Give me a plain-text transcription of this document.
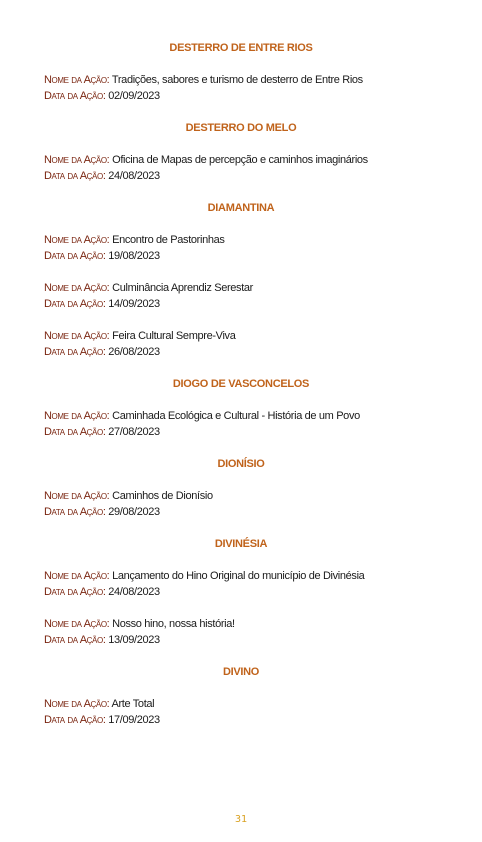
DESTERRO DE ENTRE RIOS
Nome da Ação: Tradições, sabores e turismo de desterro de Entre Rios
Data da Ação: 02/09/2023
DESTERRO DO MELO
Nome da Ação: Oficina de Mapas de percepção e caminhos imaginários
Data da Ação: 24/08/2023
DIAMANTINA
Nome da Ação: Encontro de Pastorinhas
Data da Ação: 19/08/2023
Nome da Ação: Culminância Aprendiz Serestar
Data da Ação: 14/09/2023
Nome da Ação: Feira Cultural Sempre-Viva
Data da Ação: 26/08/2023
DIOGO DE VASCONCELOS
Nome da Ação: Caminhada Ecológica e Cultural - História de um Povo
Data da Ação: 27/08/2023
DIONÍSIO
Nome da Ação: Caminhos de Dionísio
Data da Ação: 29/08/2023
DIVINÉSIA
Nome da Ação: Lançamento do Hino Original do município de Divinésia
Data da Ação: 24/08/2023
Nome da Ação: Nosso hino, nossa história!
Data da Ação: 13/09/2023
DIVINO
Nome da Ação: Arte Total
Data da Ação: 17/09/2023
31
